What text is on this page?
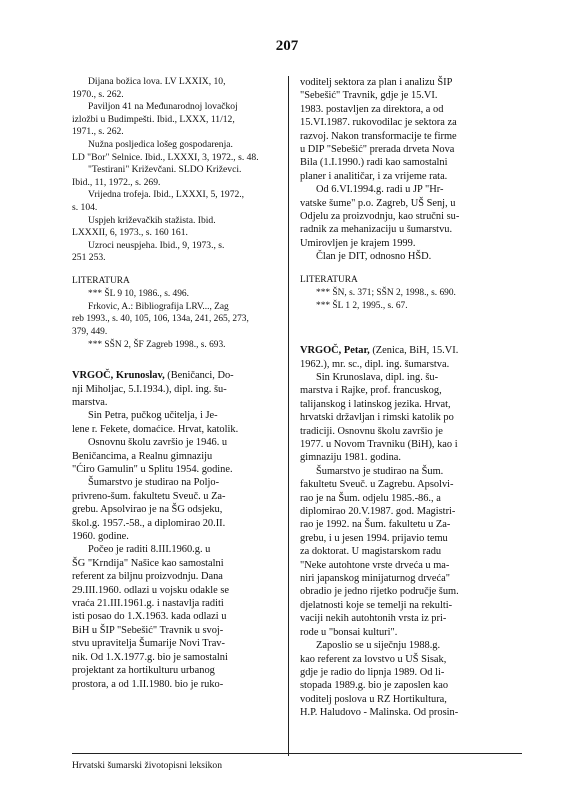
207
Dijana božica lova. LV LXXIX, 10,
1970., s. 262.
Paviljon 41 na Međunarodnoj lovačkoj
izložbi u Budimpešti. Ibid., LXXX, 11/12,
1971., s. 262.
Nužna posljedica lošeg gospodarenja.
LD "Bor" Selnice. Ibid., LXXXI, 3, 1972., s. 48.
"Testirani" Križevčani. SLDO Križevci.
Ibid., 11, 1972., s. 269.
Vrijedna trofeja. Ibid., LXXXI, 5, 1972.,
s. 104.
Uspjeh križevačkih stažista. Ibid.
LXXXII, 6, 1973., s. 160 161.
Uzroci neuspjeha. Ibid., 9, 1973., s.
251 253.
LITERATURA
*** ŠL 9 10, 1986., s. 496.
Frkovic, A.: Bibliografija LRV..., Zag
reb 1993., s. 40, 105, 106, 134a, 241, 265, 273,
379, 449.
*** SŠN 2, ŠF Zagreb 1998., s. 693.
VRGOČ, Krunoslav, (Beničanci, Do-
nji Miholjac, 5.I.1934.), dipl. ing. šu-
marstva.
Sin Petra, pučkog učitelja, i Je-
lene r. Fekete, domaćice. Hrvat, katolik.
Osnovnu školu završio je 1946. u
Beničancima, a Realnu gimnaziju
"Ćiro Gamulin" u Splitu 1954. godine.
Šumarstvo je studirao na Poljo-
privreno-šum. fakultetu Sveuč. u Za-
grebu. Apsolvirao je na ŠG odsjeku,
škol.g. 1957.-58., a diplomirao 20.II.
1960. godine.
Počeo je raditi 8.III.1960.g. u
ŠG "Krndija" Našice kao samostalni
referent za biljnu proizvodnju. Dana
29.III.1960. odlazi u vojsku odakle se
vraća 21.III.1961.g. i nastavlja raditi
isti posao do 1.X.1963. kada odlazi u
BiH u ŠIP "Sebešić" Travnik u svoj-
stvu upravitelja Šumarije Novi Trav-
nik. Od 1.X.1977.g. bio je samostalni
projektant za hortikulturu urbanog
prostora, a od 1.II.1980. bio je ruko-
voditelj sektora za plan i analizu ŠIP
"Sebešić" Travnik, gdje je 15.VI.
1983. postavljen za direktora, a od
15.VI.1987. rukovodilac je sektora za
razvoj. Nakon transformacije te firme
u DIP "Sebešić" prerada drveta Nova
Bila (1.I.1990.) radi kao samostalni
planer i analitičar, i za vrijeme rata.
Od 6.VI.1994.g. radi u JP "Hr-
vatske šume" p.o. Zagreb, UŠ Senj, u
Odjelu za proizvodnju, kao stručni su-
radnik za mehanizaciju u šumarstvu.
Umirovljen je krajem 1999.
Član je DIT, odnosno HŠD.
LITERATURA
*** ŠN, s. 371; SŠN 2, 1998., s. 690.
*** ŠL 1 2, 1995., s. 67.
VRGOČ, Petar, (Zenica, BiH, 15.VI.
1962.), mr. sc., dipl. ing. šumarstva.
Sin Krunoslava, dipl. ing. šu-
marstva i Rajke, prof. francuskog,
talijanskog i latinskog jezika. Hrvat,
hrvatski državljan i rimski katolik po
tradiciji. Osnovnu školu završio je
1977. u Novom Travniku (BiH), kao i
gimnaziju 1981. godina.
Šumarstvo je studirao na Šum.
fakultetu Sveuč. u Zagrebu. Apsolvi-
rao je na Šum. odjelu 1985.-86., a
diplomirao 20.V.1987. god. Magistri-
rao je 1992. na Šum. fakultetu u Za-
grebu, i u jesen 1994. prijavio temu
za doktorat. U magistarskom radu
"Neke autohtone vrste drveća u ma-
niri japanskog minijaturnog drveća"
obradio je jedno rijetko područje šum.
djelatnosti koje se temelji na rekulti-
vaciji nekih autohtonih vrsta iz pri-
rode u "bonsai kulturi".
Zaposlio se u siječnju 1988.g.
kao referent za lovstvo u UŠ Sisak,
gdje je radio do lipnja 1989. Od li-
stopada 1989.g. bio je zaposlen kao
voditelj poslova u RZ Hortikultura,
H.P. Haludovo - Malinska. Od prosin-
Hrvatski šumarski životopisni leksikon
